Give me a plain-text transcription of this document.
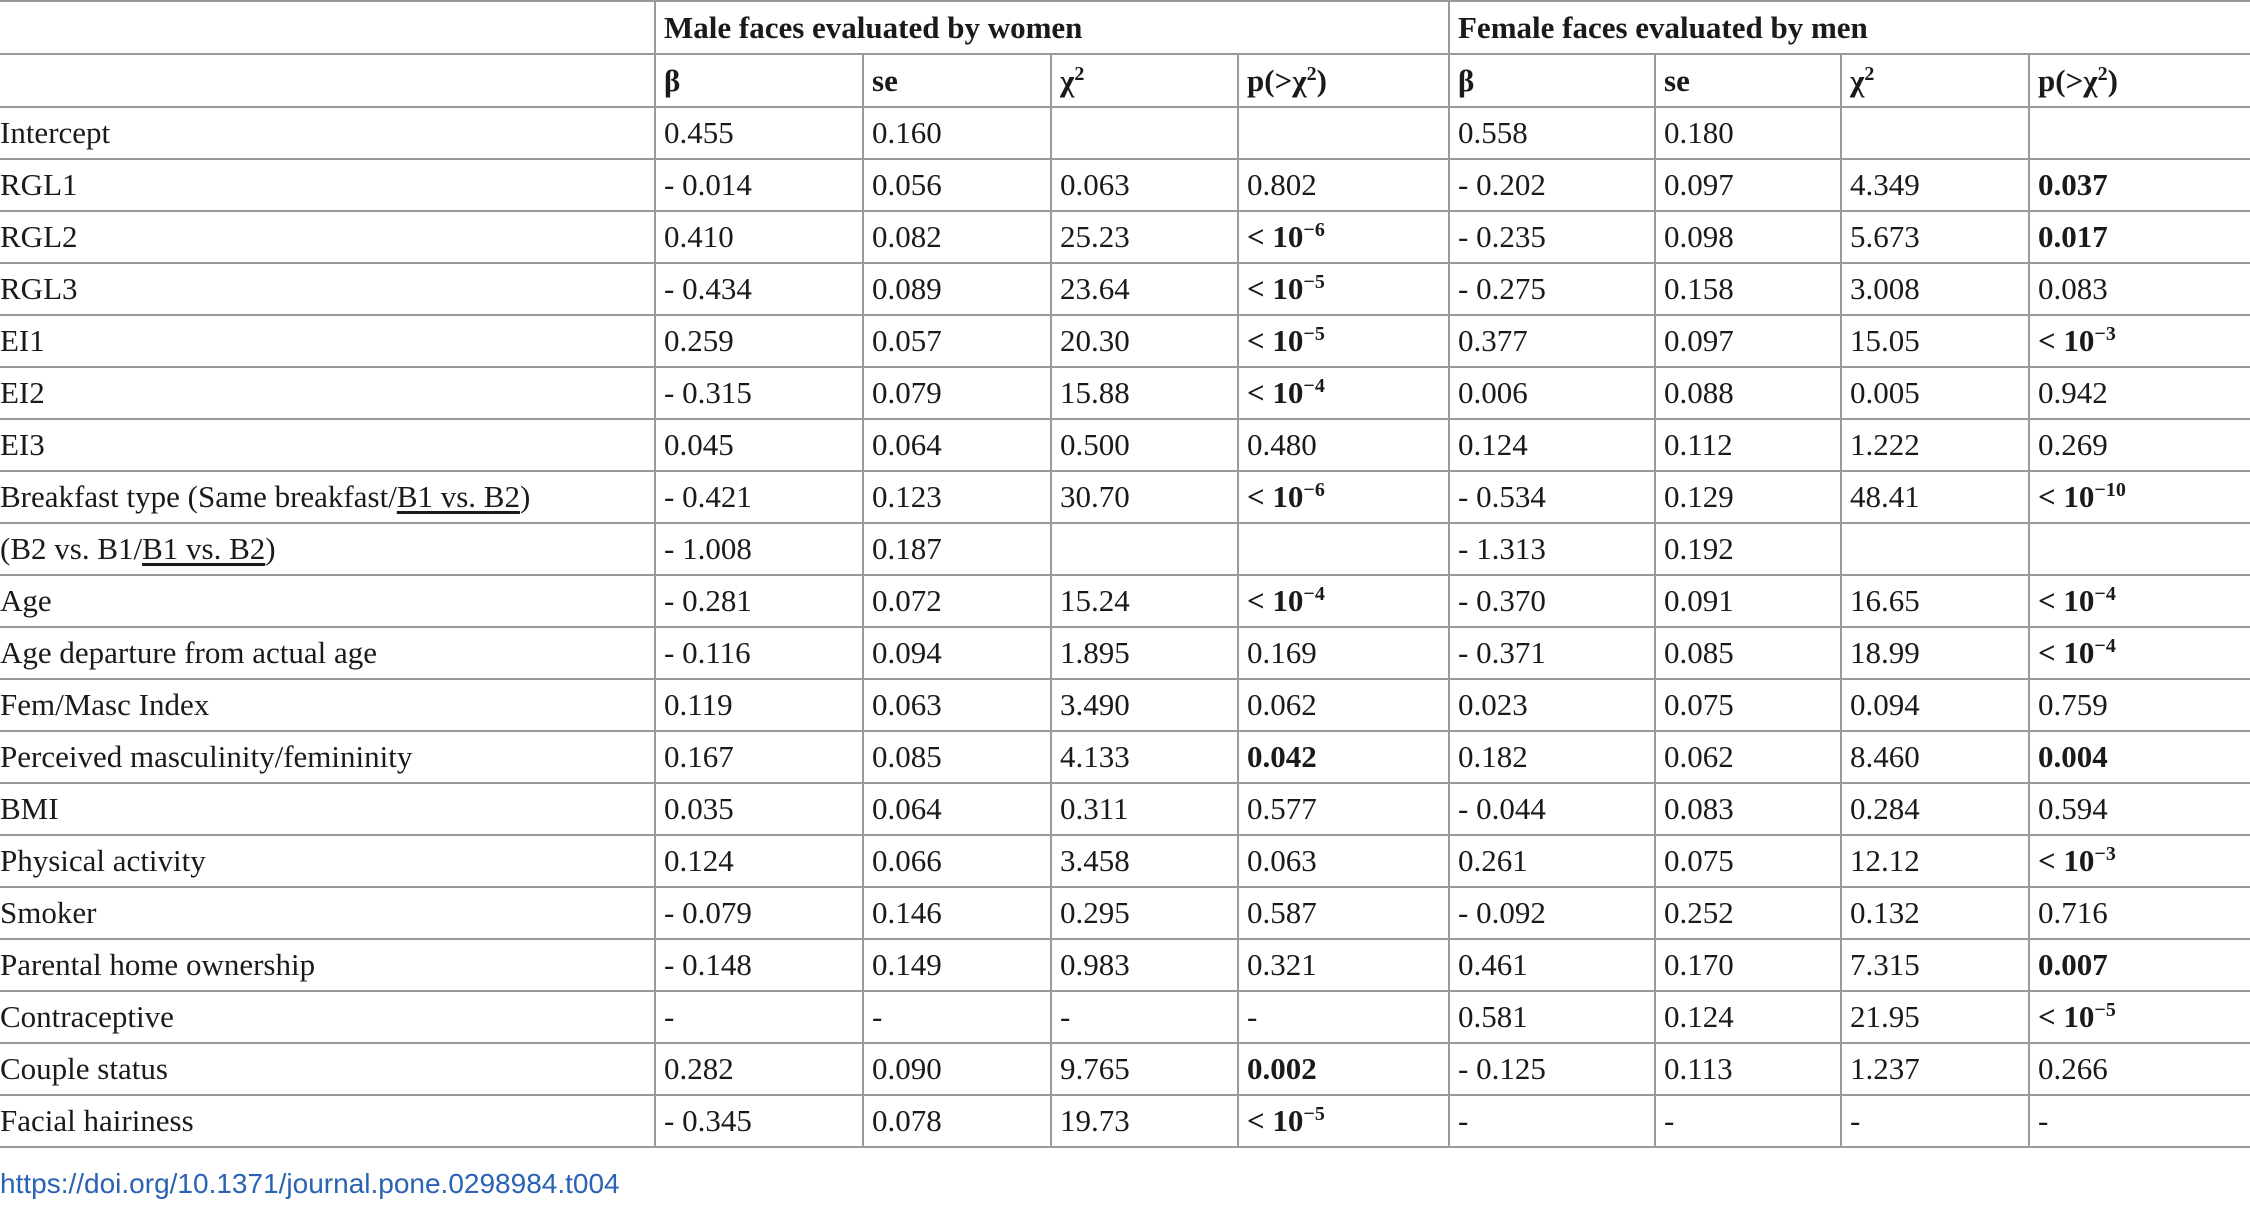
	Male faces evaluated by women				Female faces evaluated by men			
	β	se	$\chi^2$	$p(>\chi^2)$	β	se	$\chi^2$	$p(>\chi^2)$
Intercept	0.455	0.160			0.558	0.180		
RGL1	- 0.014	0.056	0.063	0.802	- 0.202	0.097	4.349	0.037
RGL2	0.410	0.082	25.23	< $10^{-6}$	- 0.235	0.098	5.673	0.017
RGL3	- 0.434	0.089	23.64	< $10^{-5}$	- 0.275	0.158	3.008	0.083
EI1	0.259	0.057	20.30	< $10^{-5}$	0.377	0.097	15.05	< $10^{-3}$
EI2	- 0.315	0.079	15.88	< $10^{-4}$	0.006	0.088	0.005	0.942
EI3	0.045	0.064	0.500	0.480	0.124	0.112	1.222	0.269
Breakfast type (Same breakfast/B1 vs. B2)	- 0.421	0.123	30.70	< $10^{-6}$	- 0.534	0.129	48.41	< $10^{-10}$
(B2 vs. B1/B1 vs. B2)	- 1.008	0.187			- 1.313	0.192		
Age	- 0.281	0.072	15.24	< $10^{-4}$	- 0.370	0.091	16.65	< $10^{-4}$
Age departure from actual age	- 0.116	0.094	1.895	0.169	- 0.371	0.085	18.99	< $10^{-4}$
Fem/Masc Index	0.119	0.063	3.490	0.062	0.023	0.075	0.094	0.759
Perceived masculinity/femininity	0.167	0.085	4.133	0.042	0.182	0.062	8.460	0.004
BMI	0.035	0.064	0.311	0.577	- 0.044	0.083	0.284	0.594
Physical activity	0.124	0.066	3.458	0.063	0.261	0.075	12.12	< $10^{-3}$
Smoker	- 0.079	0.146	0.295	0.587	- 0.092	0.252	0.132	0.716
Parental home ownership	- 0.148	0.149	0.983	0.321	0.461	0.170	7.315	0.007
Contraceptive	-	-	-	-	0.581	0.124	21.95	< $10^{-5}$
Couple status	0.282	0.090	9.765	0.002	- 0.125	0.113	1.237	0.266
Facial hairiness	- 0.345	0.078	19.73	< $10^{-5}$	-	-	-	-
https://doi.org/10.1371/journal.pone.0298984.t004
